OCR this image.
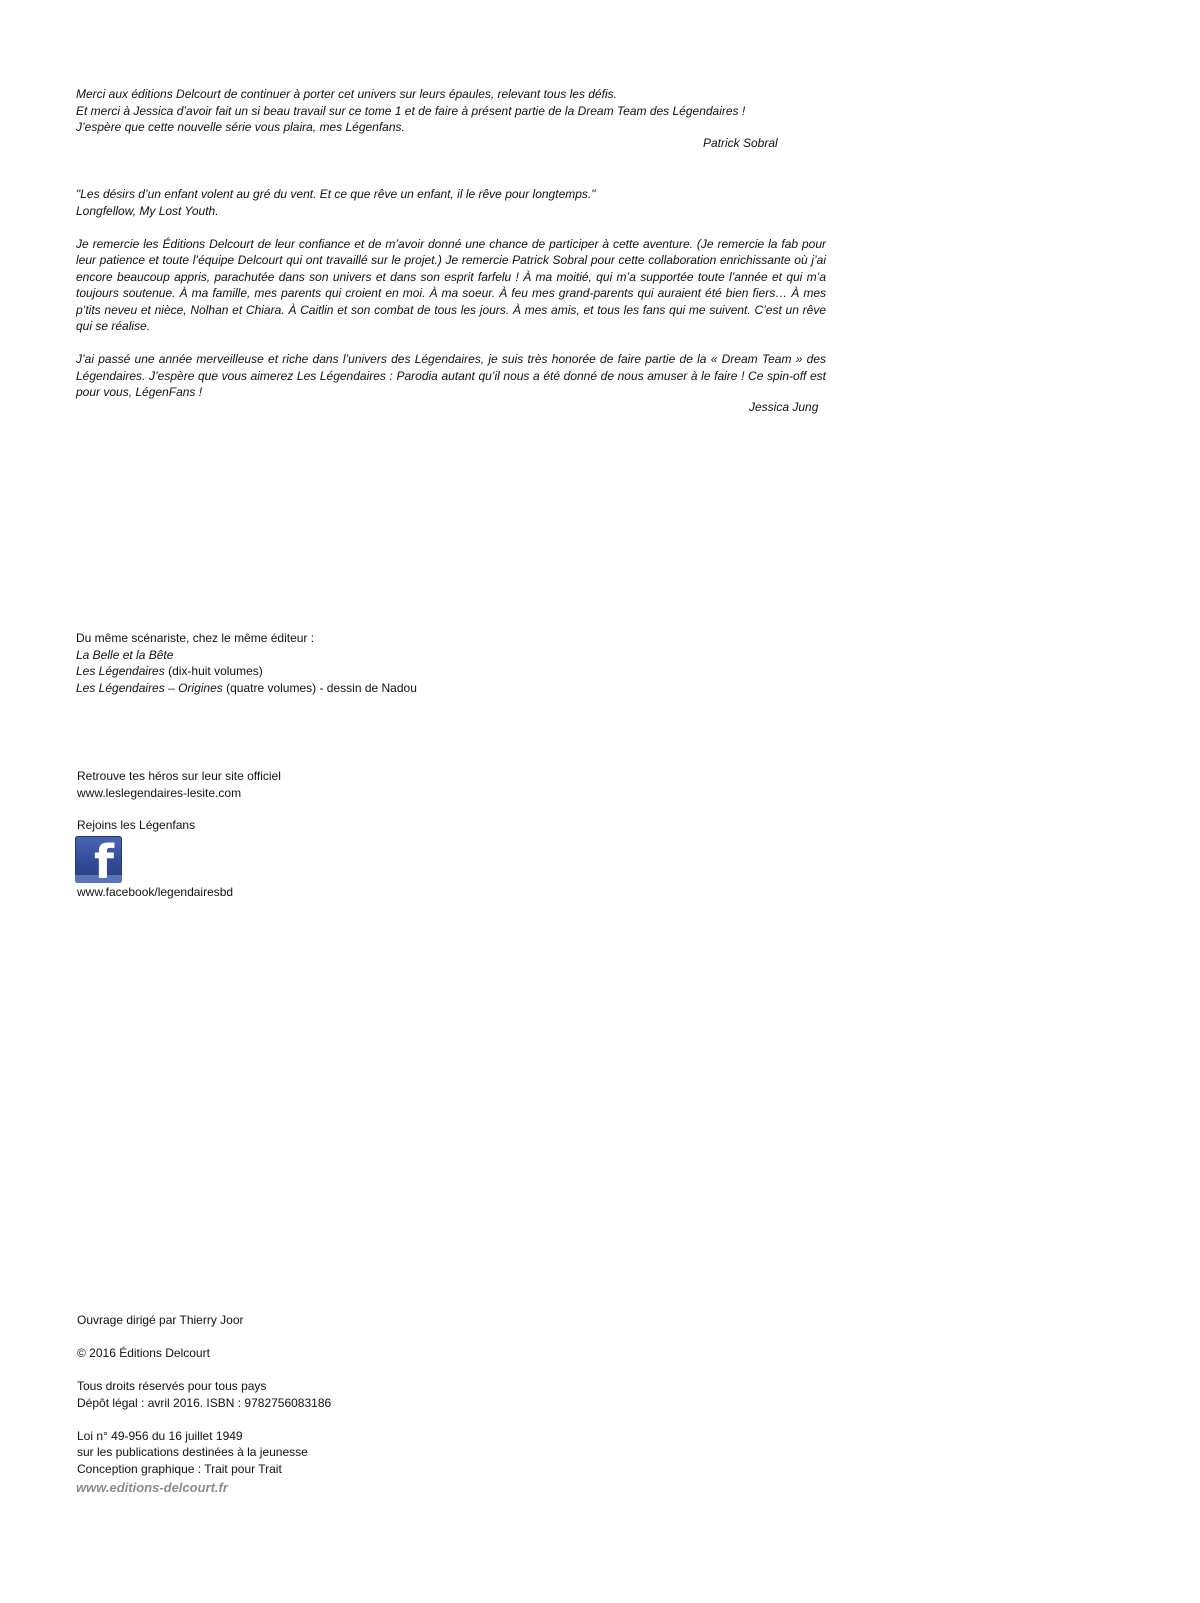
Merci aux éditions Delcourt de continuer à porter cet univers sur leurs épaules, relevant tous les défis.
Et merci à Jessica d’avoir fait un si beau travail sur ce tome 1 et de faire à présent partie de la Dream Team des Légendaires !
J’espère que cette nouvelle série vous plaira, mes Légenfans.
Patrick Sobral

"Les désirs d’un enfant volent au gré du vent. Et ce que rêve un enfant, il le rêve pour longtemps."
Longfellow, My Lost Youth.

Je remercie les Éditions Delcourt de leur confiance et de m’avoir donné une chance de participer à cette aventure. (Je remercie la fab pour leur patience et toute l’équipe Delcourt qui ont travaillé sur le projet.) Je remercie Patrick Sobral pour cette collaboration enrichissante où j’ai encore beaucoup appris, parachutée dans son univers et dans son esprit farfelu ! À ma moitié, qui m’a supportée toute l’année et qui m’a toujours soutenue. À ma famille, mes parents qui croient en moi. À ma soeur. À feu mes grand-parents qui auraient été bien fiers… À mes p’tits neveu et nièce, Nolhan et Chiara. À Caitlin et son combat de tous les jours. À mes amis, et tous les fans qui me suivent. C’est un rêve qui se réalise.

J’ai passé une année merveilleuse et riche dans l’univers des Légendaires, je suis très honorée de faire partie de la « Dream Team » des Légendaires. J’espère que vous aimerez Les Légendaires : Parodia autant qu’il nous a été donné de nous amuser à le faire ! Ce spin-off est pour vous, LégenFans !

Jessica Jung
Du même scénariste, chez le même éditeur :
La Belle et la Bête
Les Légendaires (dix-huit volumes)
Les Légendaires – Origines (quatre volumes) - dessin de Nadou
Retrouve tes héros sur leur site officiel
www.leslegendaires-lesite.com
Rejoins les Légenfans
f
www.facebook/legendairesbd
Ouvrage dirigé par Thierry Joor
© 2016 Éditions Delcourt
Tous droits réservés pour tous pays
Dépôt légal : avril 2016. ISBN : 9782756083186
Loi n° 49-956 du 16 juillet 1949
sur les publications destinées à la jeunesse
Conception graphique : Trait pour Trait
www.editions-delcourt.fr
